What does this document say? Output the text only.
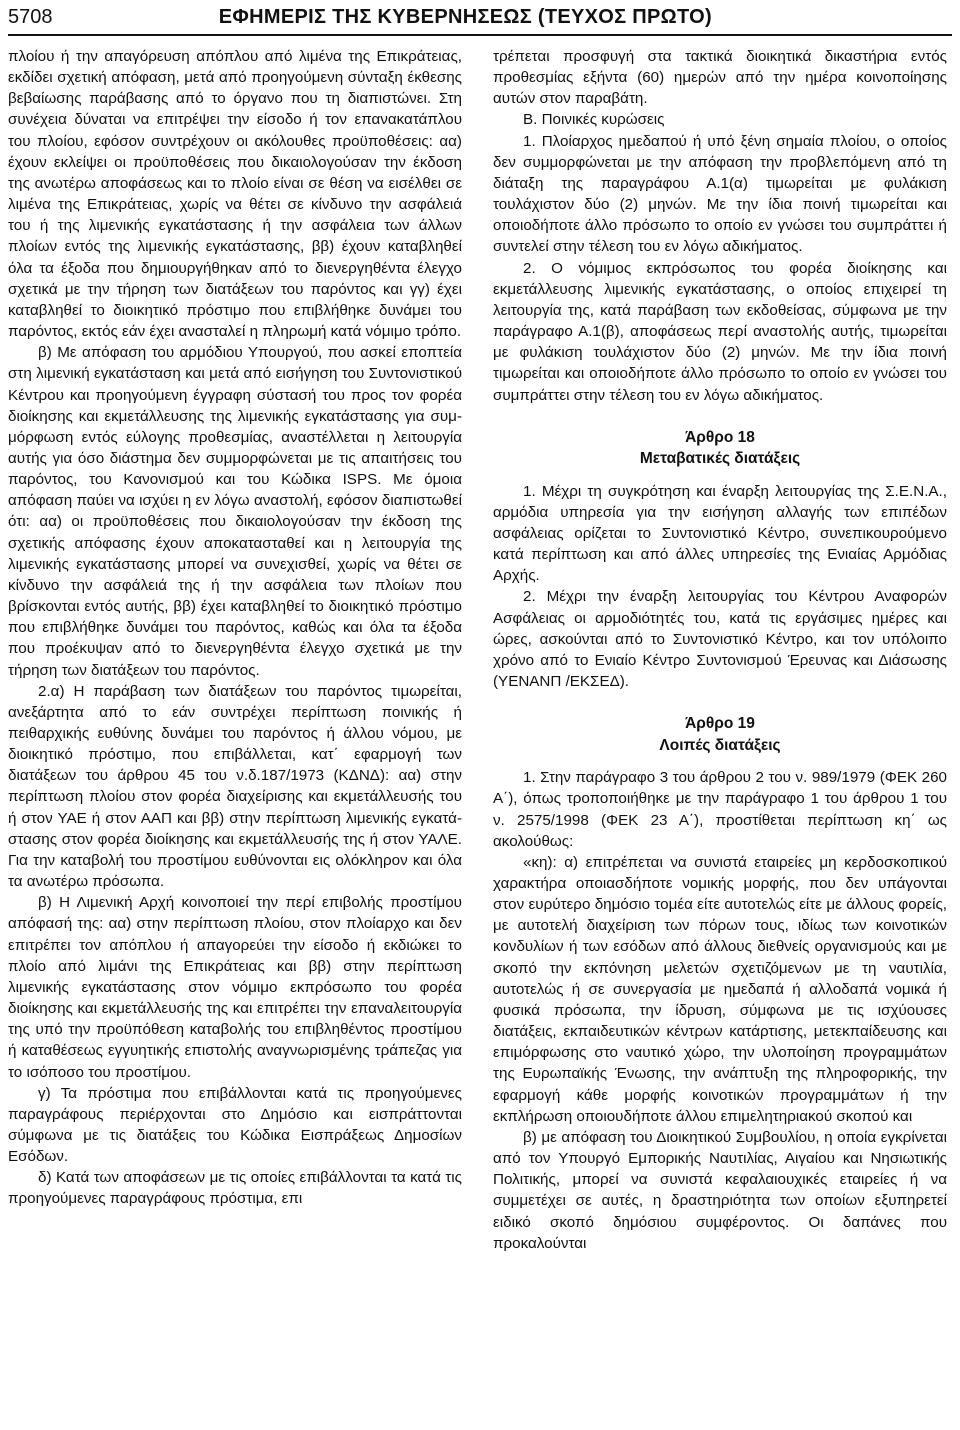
5708	ΕΦΗΜΕΡΙΣ ΤΗΣ ΚΥΒΕΡΝΗΣΕΩΣ (ΤΕΥΧΟΣ ΠΡΩΤΟ)

πλοίου ή την απαγόρευση απόπλου από λιμένα της Επικράτειας, εκδίδει σχετική απόφαση, μετά από προηγούμενη σύνταξη έκθεσης βεβαίωσης παράβασης από το όργανο που τη διαπιστώνει. Στη συνέχεια δύναται να επιτρέψει την είσοδο ή τον επανακατάπλου του πλοίου, εφόσον συντρέχουν οι ακόλουθες προϋποθέσεις: αα) έχουν εκλείψει οι προϋποθέσεις που δικαιολογούσαν την έκδοση της ανωτέρω αποφάσεως και το πλοίο είναι σε θέση να εισέλθει σε λιμένα της Επικράτειας, χωρίς να θέτει σε κίνδυνο την ασφάλειά του ή της λιμενικής εγκατάστασης ή την ασφάλεια των άλλων πλοίων εντός της λιμενικής εγκατάστασης, ββ) έχουν καταβληθεί όλα τα έξοδα που δημιουργήθηκαν από το διενεργηθέντα έλεγχο σχετικά με την τήρηση των διατάξεων του παρόντος και γγ) έχει καταβληθεί το διοικητικό πρόστιμο που επιβλήθηκε δυνάμει του παρόντος, εκτός εάν έχει ανασταλεί η πληρωμή κατά νόμιμο τρόπο.

β) Με απόφαση του αρμόδιου Υπουργού, που ασκεί εποπτεία στη λιμενική εγκατάσταση και μετά από εισήγηση του Συντονιστικού Κέντρου και προηγούμενη έγγραφη σύστασή του προς τον φορέα διοίκησης και εκμετάλλευσης της λιμενικής εγκατάστασης για συμμόρφωση εντός εύλογης προθεσμίας, αναστέλλεται η λειτουργία αυτής για όσο διάστημα δεν συμμορφώνεται με τις απαιτήσεις του παρόντος, του Κανονισμού και του Κώδικα ISPS. Με όμοια απόφαση παύει να ισχύει η εν λόγω αναστολή, εφόσον διαπιστωθεί ότι: αα) οι προϋποθέσεις που δικαιολογούσαν την έκδοση της σχετικής απόφασης έχουν αποκατασταθεί και η λειτουργία της λιμενικής εγκατάστασης μπορεί να συνεχισθεί, χωρίς να θέτει σε κίνδυνο την ασφάλειά της ή την ασφάλεια των πλοίων που βρίσκονται εντός αυτής, ββ) έχει καταβληθεί το διοικητικό πρόστιμο που επιβλήθηκε δυνάμει του παρόντος, καθώς και όλα τα έξοδα που προέκυψαν από το διενεργηθέντα έλεγχο σχετικά με την τήρηση των διατάξεων του παρόντος.

2.α) Η παράβαση των διατάξεων του παρόντος τιμωρείται, ανεξάρτητα από το εάν συντρέχει περίπτωση ποινικής ή πειθαρχικής ευθύνης δυνάμει του παρόντος ή άλλου νόμου, με διοικητικό πρόστιμο, που επιβάλλεται, κατ΄ εφαρμογή των διατάξεων του άρθρου 45 του ν.δ.187/1973 (ΚΔΝΔ): αα) στην περίπτωση πλοίου στον φορέα διαχείρισης και εκμετάλλευσής του ή στον ΥΑΕ ή στον ΑΑΠ και ββ) στην περίπτωση λιμενικής εγκατάστασης στον φορέα διοίκησης και εκμετάλλευσής της ή στον ΥΑΛΕ. Για την καταβολή του προστίμου ευθύνονται εις ολόκληρον και όλα τα ανωτέρω πρόσωπα.

β) Η Λιμενική Αρχή κοινοποιεί την περί επιβολής προστίμου απόφασή της: αα) στην περίπτωση πλοίου, στον πλοίαρχο και δεν επιτρέπει τον απόπλου ή απαγορεύει την είσοδο ή εκδιώκει το πλοίο από λιμάνι της Επικράτειας και ββ) στην περίπτωση λιμενικής εγκατάστασης στον νόμιμο εκπρόσωπο του φορέα διοίκησης και εκμετάλλευσής της και επιτρέπει την επαναλειτουργία της υπό την προϋπόθεση καταβολής του επιβληθέντος προστίμου ή καταθέσεως εγγυητικής επιστολής αναγνωρισμένης τράπεζας για το ισόποσο του προστίμου.

γ) Τα πρόστιμα που επιβάλλονται κατά τις προηγούμενες παραγράφους περιέρχονται στο Δημόσιο και εισπράττονται σύμφωνα με τις διατάξεις του Κώδικα Εισπράξεως Δημοσίων Εσόδων.

δ) Κατά των αποφάσεων με τις οποίες επιβάλλονται τα κατά τις προηγούμενες παραγράφους πρόστιμα, επι

τρέπεται προσφυγή στα τακτικά διοικητικά δικαστήρια εντός προθεσμίας εξήντα (60) ημερών από την ημέρα κοινοποίησης αυτών στον παραβάτη.

Β. Ποινικές κυρώσεις

1. Πλοίαρχος ημεδαπού ή υπό ξένη σημαία πλοίου, ο οποίος δεν συμμορφώνεται με την απόφαση την προβλεπόμενη από τη διάταξη της παραγράφου Α.1(α) τιμωρείται με φυλάκιση τουλάχιστον δύο (2) μηνών. Με την ίδια ποινή τιμωρείται και οποιοδήποτε άλλο πρόσωπο το οποίο εν γνώσει του συμπράττει ή συντελεί στην τέλεση του εν λόγω αδικήματος.

2. Ο νόμιμος εκπρόσωπος του φορέα διοίκησης και εκμετάλλευσης λιμενικής εγκατάστασης, ο οποίος επιχειρεί τη λειτουργία της, κατά παράβαση των εκδοθείσας, σύμφωνα με την παράγραφο Α.1(β), αποφάσεως περί αναστολής αυτής, τιμωρείται με φυλάκιση τουλάχιστον δύο (2) μηνών. Με την ίδια ποινή τιμωρείται και οποιοδήποτε άλλο πρόσωπο το οποίο εν γνώσει του συμπράττει στην τέλεση του εν λόγω αδικήματος.

Άρθρο 18
Μεταβατικές διατάξεις

1. Μέχρι τη συγκρότηση και έναρξη λειτουργίας της Σ.Ε.Ν.Α., αρμόδια υπηρεσία για την εισήγηση αλλαγής των επιπέδων ασφάλειας ορίζεται το Συντονιστικό Κέντρο, συνεπικουρούμενο κατά περίπτωση και από άλλες υπηρεσίες της Ενιαίας Αρμόδιας Αρχής.

2. Μέχρι την έναρξη λειτουργίας του Κέντρου Αναφορών Ασφάλειας οι αρμοδιότητές του, κατά τις εργάσιμες ημέρες και ώρες, ασκούνται από το Συντονιστικό Κέντρο, και τον υπόλοιπο χρόνο από το Ενιαίο Κέντρο Συντονισμού Έρευνας και Διάσωσης (ΥΕΝΑΝΠ /ΕΚΣΕΔ).

Άρθρο 19
Λοιπές διατάξεις

1. Στην παράγραφο 3 του άρθρου 2 του ν. 989/1979 (ΦΕΚ 260 Α΄), όπως τροποποιήθηκε με την παράγραφο 1 του άρθρου 1 του ν. 2575/1998 (ΦΕΚ 23 Α΄), προστίθεται περίπτωση κη΄ ως ακολούθως:

«κη): α) επιτρέπεται να συνιστά εταιρείες μη κερδοσκοπικού χαρακτήρα οποιασδήποτε νομικής μορφής, που δεν υπάγονται στον ευρύτερο δημόσιο τομέα είτε αυτοτελώς είτε με άλλους φορείς, με αυτοτελή διαχείριση των πόρων τους, ιδίως των κοινοτικών κονδυλίων ή των εσόδων από άλλους διεθνείς οργανισμούς και με σκοπό την εκπόνηση μελετών σχετιζόμενων με τη ναυτιλία, αυτοτελώς ή σε συνεργασία με ημεδαπά ή αλλοδαπά νομικά ή φυσικά πρόσωπα, την ίδρυση, σύμφωνα με τις ισχύουσες διατάξεις, εκπαιδευτικών κέντρων κατάρτισης, μετεκπαίδευσης και επιμόρφωσης στο ναυτικό χώρο, την υλοποίηση προγραμμάτων της Ευρωπαϊκής Ένωσης, την ανάπτυξη της πληροφορικής, την εφαρμογή κάθε μορφής κοινοτικών προγραμμάτων ή την εκπλήρωση οποιουδήποτε άλλου επιμελητηριακού σκοπού και

β) με απόφαση του Διοικητικού Συμβουλίου, η οποία εγκρίνεται από τον Υπουργό Εμπορικής Ναυτιλίας, Αιγαίου και Νησιωτικής Πολιτικής, μπορεί να συνιστά κεφαλαιουχικές εταιρείες ή να συμμετέχει σε αυτές, η δραστηριότητα των οποίων εξυπηρετεί ειδικό σκοπό δημόσιου συμφέροντος. Οι δαπάνες που προκαλούνται
